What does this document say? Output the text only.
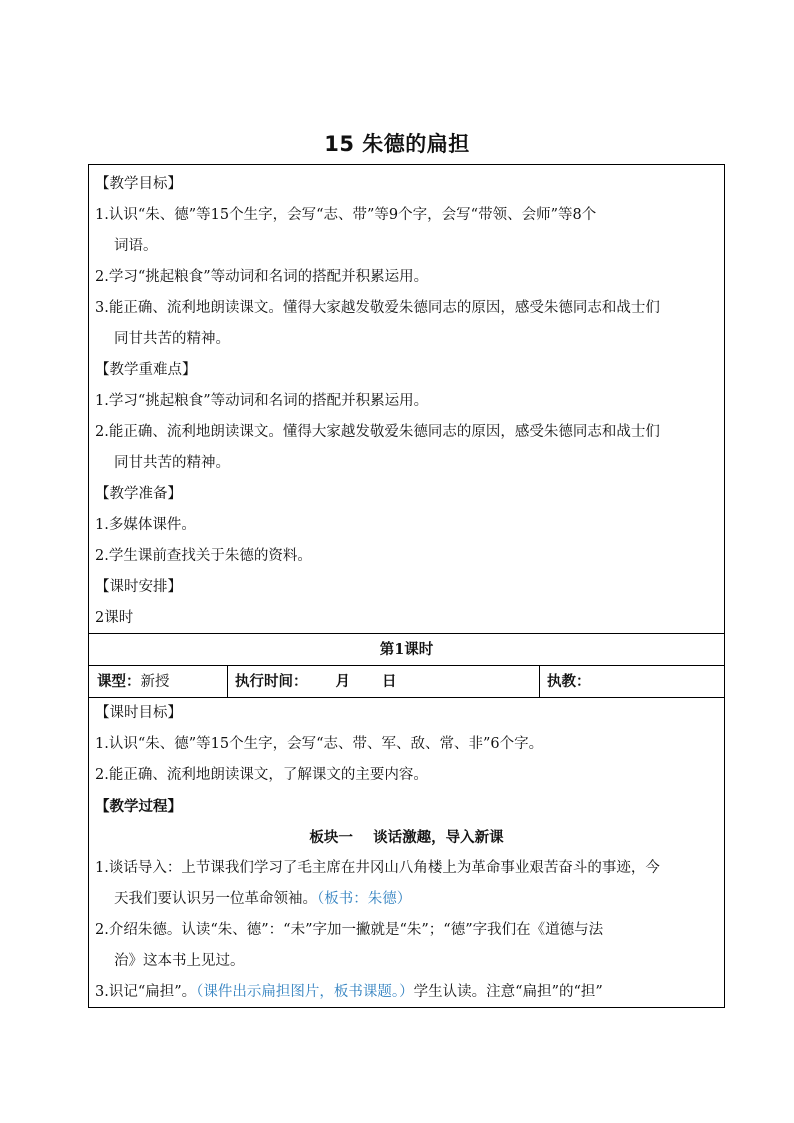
15 朱德的扁担
【教学目标】
1.认识“朱、德”等15个生字，会写“志、带”等9个字，会写“带领、会师”等8个
词语。
2.学习“挑起粮食”等动词和名词的搭配并积累运用。
3.能正确、流利地朗读课文。懂得大家越发敬爱朱德同志的原因，感受朱德同志和战士们
同甘共苦的精神。
【教学重难点】
1.学习“挑起粮食”等动词和名词的搭配并积累运用。
2.能正确、流利地朗读课文。懂得大家越发敬爱朱德同志的原因，感受朱德同志和战士们
同甘共苦的精神。
【教学准备】
1.多媒体课件。
2.学生课前查找关于朱德的资料。
【课时安排】
2课时
第1课时
课型：新授	执行时间： 月 日	执教：
【课时目标】
1.认识“朱、德”等15个生字，会写“志、带、军、敌、常、非”6个字。
2.能正确、流利地朗读课文，了解课文的主要内容。
【教学过程】
板块一    谈话激趣，导入新课
1.谈话导入：上节课我们学习了毛主席在井冈山八角楼上为革命事业艰苦奋斗的事迹，今
天我们要认识另一位革命领袖。（板书：朱德）
2.介绍朱德。认读“朱、德”：“未”字加一撇就是“朱”；“德”字我们在《道德与法
治》这本书上见过。
3.识记“扁担”。（课件出示扁担图片，板书课题。）学生认读。注意“扁担”的“担”
